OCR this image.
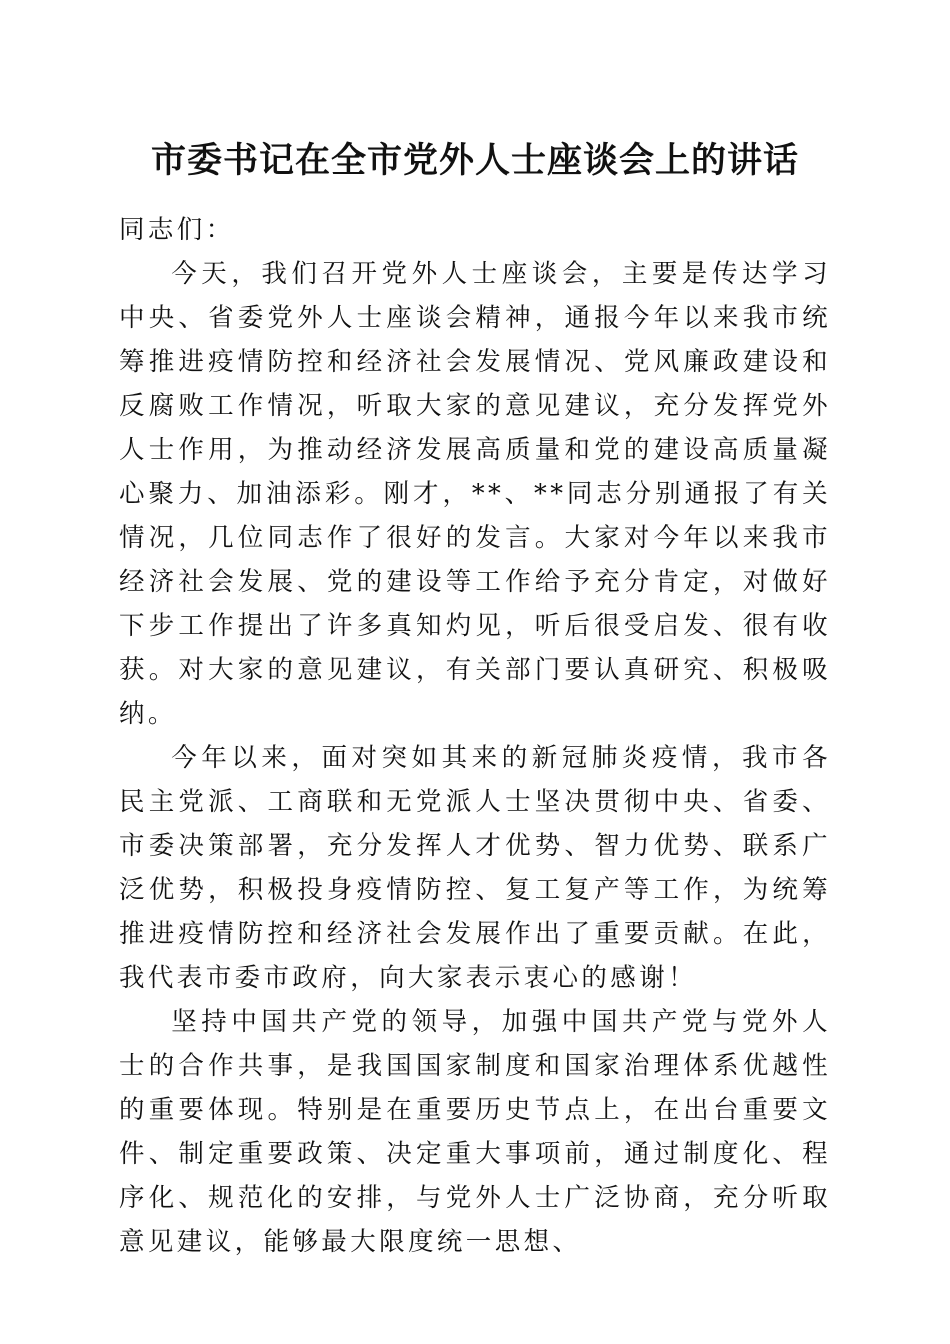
市委书记在全市党外人士座谈会上的讲话

同志们：

今天，我们召开党外人士座谈会，主要是传达学习中央、省委党外人士座谈会精神，通报今年以来我市统筹推进疫情防控和经济社会发展情况、党风廉政建设和反腐败工作情况，听取大家的意见建议，充分发挥党外人士作用，为推动经济发展高质量和党的建设高质量凝心聚力、加油添彩。刚才，**、**同志分别通报了有关情况，几位同志作了很好的发言。大家对今年以来我市经济社会发展、党的建设等工作给予充分肯定，对做好下步工作提出了许多真知灼见，听后很受启发、很有收获。对大家的意见建议，有关部门要认真研究、积极吸纳。

今年以来，面对突如其来的新冠肺炎疫情，我市各民主党派、工商联和无党派人士坚决贯彻中央、省委、市委决策部署，充分发挥人才优势、智力优势、联系广泛优势，积极投身疫情防控、复工复产等工作，为统筹推进疫情防控和经济社会发展作出了重要贡献。在此，我代表市委市政府，向大家表示衷心的感谢！

坚持中国共产党的领导，加强中国共产党与党外人士的合作共事，是我国国家制度和国家治理体系优越性的重要体现。特别是在重要历史节点上，在出台重要文件、制定重要政策、决定重大事项前，通过制度化、程序化、规范化的安排，与党外人士广泛协商，充分听取意见建议，能够最大限度统一思想、
